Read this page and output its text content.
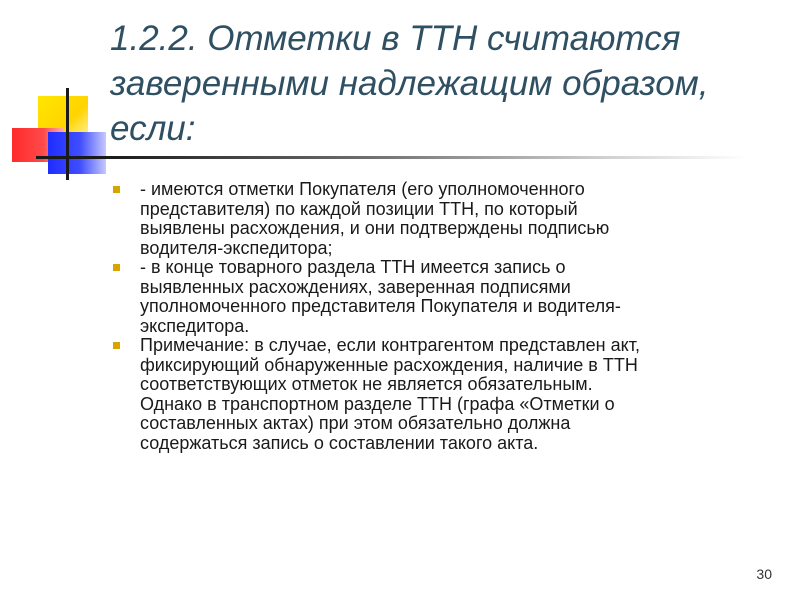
1.2.2. Отметки в ТТН считаются
заверенными надлежащим образом,
если:
- имеются отметки Покупателя (его уполномоченного
представителя) по каждой позиции ТТН, по который
выявлены расхождения, и они подтверждены подписью
водителя-экспедитора;
- в конце товарного раздела ТТН имеется запись о
выявленных расхождениях, заверенная подписями
уполномоченного представителя Покупателя и водителя-
экспедитора.
Примечание: в случае, если контрагентом представлен акт,
фиксирующий обнаруженные расхождения, наличие в ТТН
соответствующих отметок не является обязательным.
Однако в транспортном разделе ТТН (графа «Отметки о
составленных актах) при этом обязательно должна
содержаться запись о составлении такого акта.
30
